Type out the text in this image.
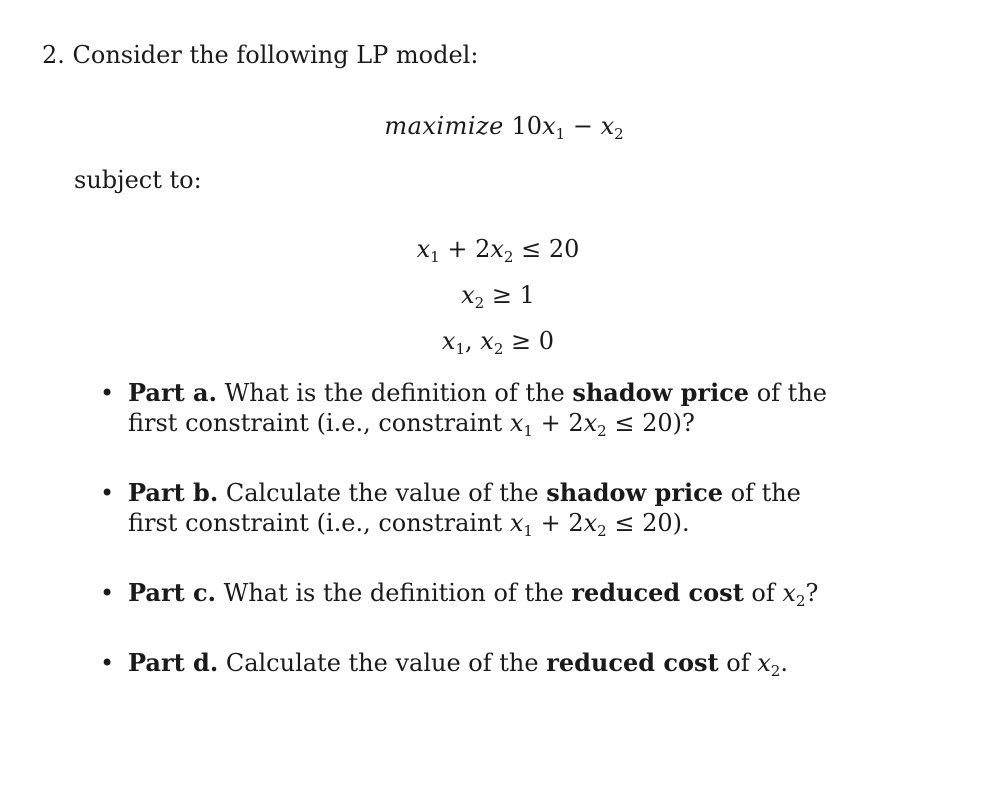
2. Consider the following LP model:
maximize $10x_1 - x_2$
subject to:
$x_1 + 2x_2 \le 20$
$x_2 \ge 1$
$x_1$, $x_2 \ge 0$
• Part a. What is the definition of the shadow price of the first constraint (i.e., constraint $x_1 + 2x_2 \le 20$)?
• Part b. Calculate the value of the shadow price of the first constraint (i.e., constraint $x_1 + 2x_2 \le 20$).
• Part c. What is the definition of the reduced cost of $x_2$?
• Part d. Calculate the value of the reduced cost of $x_2$.
